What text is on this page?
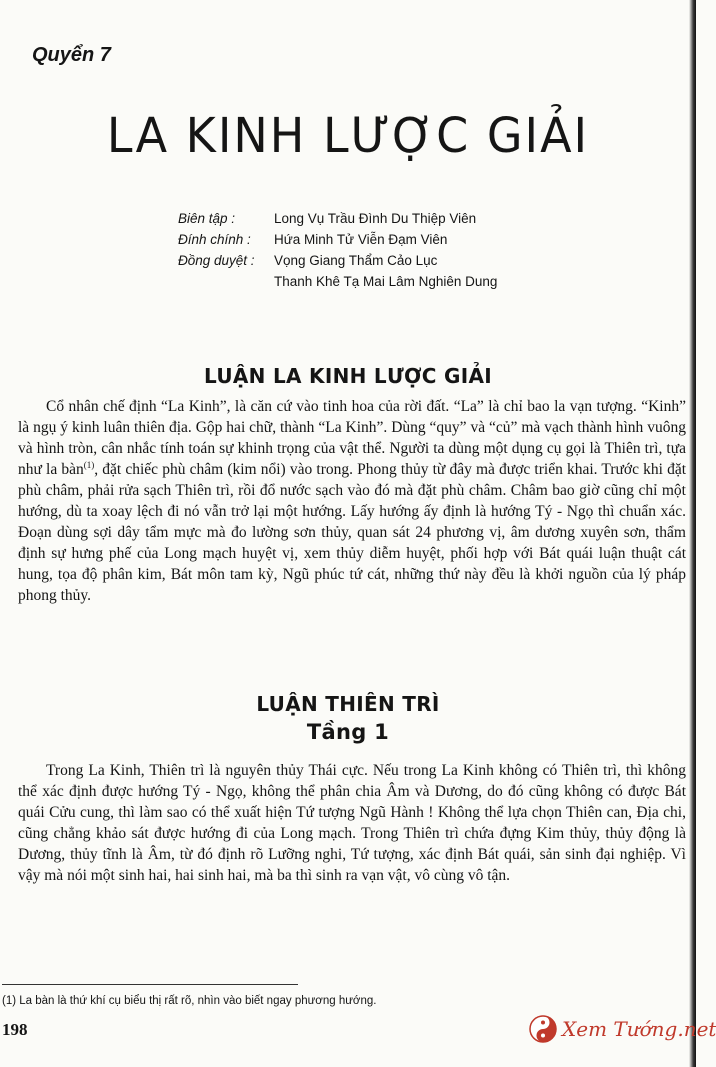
Quyển 7
LA KINH LƯỢC GIẢI
Biên tập :	Long Vụ Trầu Đình Du Thiệp Viên
Đính chính :	Hứa Minh Tử Viễn Đạm Viên
Đồng duyệt :	Vọng Giang Thẩm Cảo Lục
Thanh Khê Tạ Mai Lâm Nghiên Dung
LUẬN LA KINH LƯỢC GIẢI

Cổ nhân chế định “La Kinh”, là căn cứ vào tinh hoa của rời đất. “La” là chỉ bao la vạn tượng. “Kinh” là ngụ ý kinh luân thiên địa. Gộp hai chữ, thành “La Kinh”. Dùng “quy” và “củ” mà vạch thành hình vuông và hình tròn, cân nhắc tính toán sự khinh trọng của vật thể. Người ta dùng một dụng cụ gọi là Thiên trì, tựa như la bàn$^{(1)}$, đặt chiếc phù châm (kim nổi) vào trong. Phong thủy từ đây mà được triển khai. Trước khi đặt phù châm, phải rửa sạch Thiên trì, rồi đổ nước sạch vào đó mà đặt phù châm. Châm bao giờ cũng chỉ một hướng, dù ta xoay lệch đi nó vẫn trở lại một hướng. Lấy hướng ấy định là hướng Tý - Ngọ thì chuẩn xác. Đoạn dùng sợi dây tẩm mực mà đo lường sơn thủy, quan sát 24 phương vị, âm dương xuyên sơn, thẩm định sự hưng phế của Long mạch huyệt vị, xem thủy diễm huyệt, phối hợp với Bát quái luận thuật cát hung, tọa độ phân kim, Bát môn tam kỳ, Ngũ phúc tứ cát, những thứ này đều là khởi nguồn của lý pháp phong thủy.

LUẬN THIÊN TRÌ
Tầng 1

Trong La Kinh, Thiên trì là nguyên thủy Thái cực. Nếu trong La Kinh không có Thiên trì, thì không thể xác định được hướng Tý - Ngọ, không thể phân chia Âm và Dương, do đó cũng không có được Bát quái Cửu cung, thì làm sao có thể xuất hiện Tứ tượng Ngũ Hành ! Không thể lựa chọn Thiên can, Địa chi, cũng chẳng khảo sát được hướng đi của Long mạch. Trong Thiên trì chứa đựng Kim thủy, thủy động là Dương, thủy tĩnh là Âm, từ đó định rõ Lưỡng nghi, Tứ tượng, xác định Bát quái, sản sinh đại nghiệp. Vì vậy mà nói một sinh hai, hai sinh hai, mà ba thì sinh ra vạn vật, vô cùng vô tận.

(1) La bàn là thứ khí cụ biểu thị rất rõ, nhìn vào biết ngay phương hướng.
198	Xem Tướng.net
